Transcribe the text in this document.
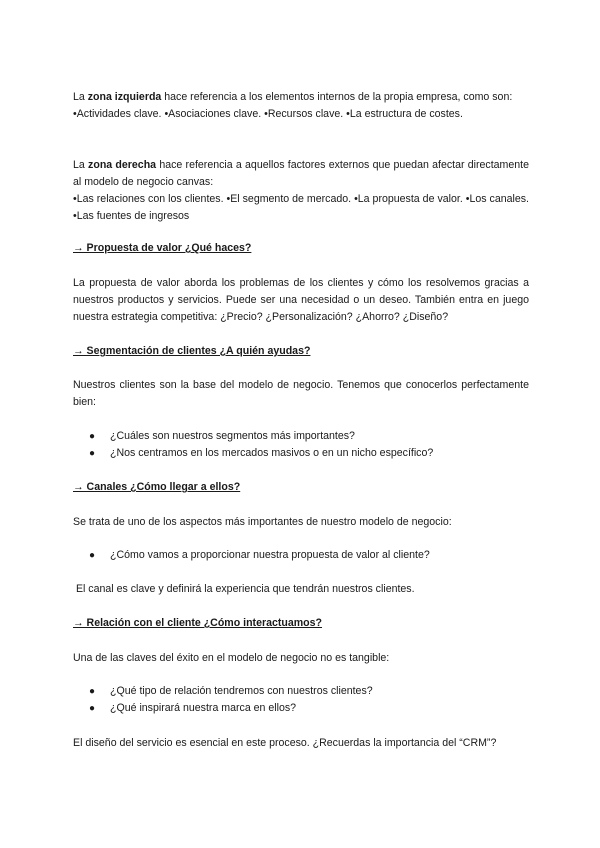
La zona izquierda hace referencia a los elementos internos de la propia empresa, como son:
•Actividades clave. •Asociaciones clave. •Recursos clave. •La estructura de costes.

La zona derecha hace referencia a aquellos factores externos que puedan afectar directamente al modelo de negocio canvas:
•Las relaciones con los clientes. •El segmento de mercado. •La propuesta de valor. •Los canales. •Las fuentes de ingresos

→ Propuesta de valor ¿Qué haces?

La propuesta de valor aborda los problemas de los clientes y cómo los resolvemos gracias a nuestros productos y servicios. Puede ser una necesidad o un deseo. También entra en juego nuestra estrategia competitiva: ¿Precio? ¿Personalización? ¿Ahorro? ¿Diseño?

→ Segmentación de clientes ¿A quién ayudas?

Nuestros clientes son la base del modelo de negocio. Tenemos que conocerlos perfectamente bien:

● ¿Cuáles son nuestros segmentos más importantes?
● ¿Nos centramos en los mercados masivos o en un nicho específico?

→ Canales ¿Cómo llegar a ellos?

Se trata de uno de los aspectos más importantes de nuestro modelo de negocio:

● ¿Cómo vamos a proporcionar nuestra propuesta de valor al cliente?

El canal es clave y definirá la experiencia que tendrán nuestros clientes.

→ Relación con el cliente ¿Cómo interactuamos?

Una de las claves del éxito en el modelo de negocio no es tangible:

● ¿Qué tipo de relación tendremos con nuestros clientes?
● ¿Qué inspirará nuestra marca en ellos?

El diseño del servicio es esencial en este proceso. ¿Recuerdas la importancia del “CRM”?
